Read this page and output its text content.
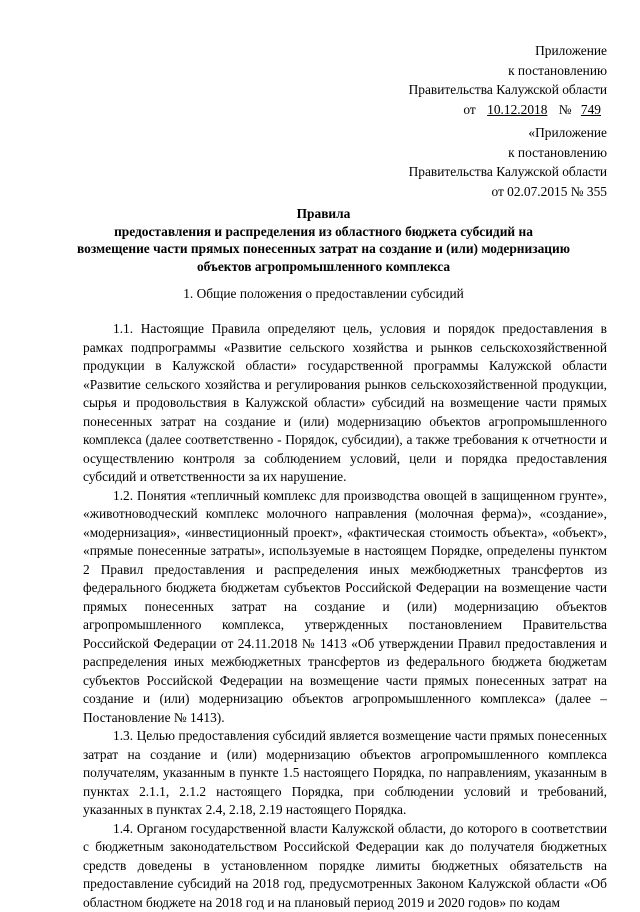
Приложение
к постановлению
Правительства Калужской области
от 10.12.2018 № 749
«Приложение
к постановлению
Правительства Калужской области
от 02.07.2015 № 355
Правила
предоставления и распределения из областного бюджета субсидий на
возмещение части прямых понесенных затрат на создание и (или) модернизацию
объектов агропромышленного комплекса
1. Общие положения о предоставлении субсидий

1.1. Настоящие Правила определяют цель, условия и порядок предоставления в рамках подпрограммы «Развитие сельского хозяйства и рынков сельскохозяйственной продукции в Калужской области» государственной программы Калужской области «Развитие сельского хозяйства и регулирования рынков сельскохозяйственной продукции, сырья и продовольствия в Калужской области» субсидий на возмещение части прямых понесенных затрат на создание и (или) модернизацию объектов агропромышленного комплекса (далее соответственно - Порядок, субсидии), а также требования к отчетности и осуществлению контроля за соблюдением условий, цели и порядка предоставления субсидий и ответственности за их нарушение.

1.2. Понятия «тепличный комплекс для производства овощей в защищенном грунте», «животноводческий комплекс молочного направления (молочная ферма)», «создание», «модернизация», «инвестиционный проект», «фактическая стоимость объекта», «объект», «прямые понесенные затраты», используемые в настоящем Порядке, определены пунктом 2 Правил предоставления и распределения иных межбюджетных трансфертов из федерального бюджета бюджетам субъектов Российской Федерации на возмещение части прямых понесенных затрат на создание и (или) модернизацию объектов агропромышленного комплекса, утвержденных постановлением Правительства Российской Федерации от 24.11.2018 № 1413 «Об утверждении Правил предоставления и распределения иных межбюджетных трансфертов из федерального бюджета бюджетам субъектов Российской Федерации на возмещение части прямых понесенных затрат на создание и (или) модернизацию объектов агропромышленного комплекса» (далее – Постановление № 1413).

1.3. Целью предоставления субсидий является возмещение части прямых понесенных затрат на создание и (или) модернизацию объектов агропромышленного комплекса получателям, указанным в пункте 1.5 настоящего Порядка, по направлениям, указанным в пунктах 2.1.1, 2.1.2 настоящего Порядка, при соблюдении условий и требований, указанных в пунктах 2.4, 2.18, 2.19 настоящего Порядка.

1.4. Органом государственной власти Калужской области, до которого в соответствии с бюджетным законодательством Российской Федерации как до получателя бюджетных средств доведены в установленном порядке лимиты бюджетных обязательств на предоставление субсидий на 2018 год, предусмотренных Законом Калужской области «Об областном бюджете на 2018 год и на плановый период 2019 и 2020 годов» по кодам
